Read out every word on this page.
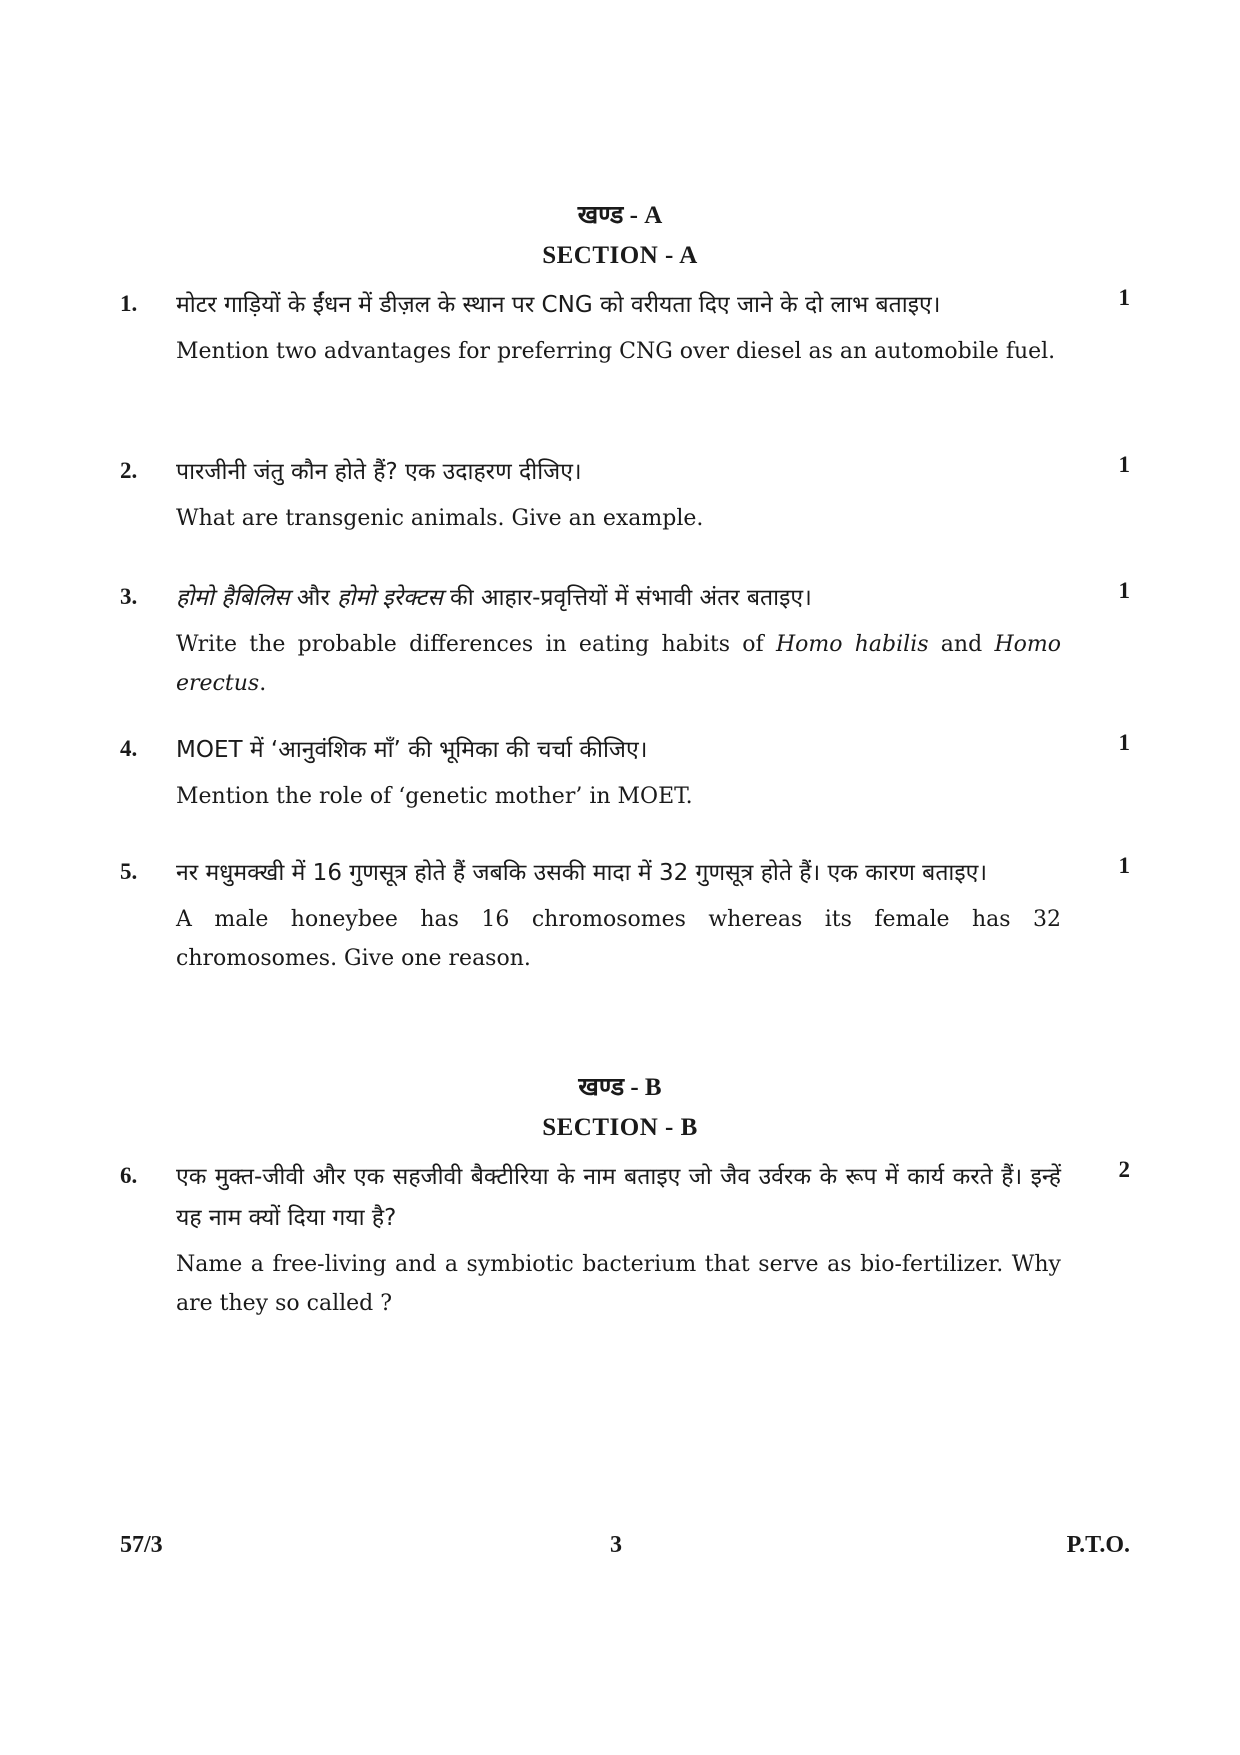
खण्ड - A
SECTION - A
1.	1

मोटर गाड़ियों के ईंधन में डीज़ल के स्थान पर CNG को वरीयता दिए जाने के दो लाभ बताइए।

Mention two advantages for preferring CNG over diesel as an automobile fuel.

2.	1

पारजीनी जंतु कौन होते हैं? एक उदाहरण दीजिए।

What are transgenic animals. Give an example.

3.	1

होमो हैबिलिस और होमो इरेक्टस की आहार-प्रवृत्तियों में संभावी अंतर बताइए।

Write the probable differences in eating habits of Homo habilis and Homo erectus.

4.	1

MOET में ‘आनुवंशिक माँ’ की भूमिका की चर्चा कीजिए।

Mention the role of ‘genetic mother’ in MOET.

5.	1

नर मधुमक्खी में 16 गुणसूत्र होते हैं जबकि उसकी मादा में 32 गुणसूत्र होते हैं। एक कारण बताइए।

A male honeybee has 16 chromosomes whereas its female has 32 chromosomes. Give one reason.

खण्ड - B
SECTION - B
6.	2

एक मुक्त-जीवी और एक सहजीवी बैक्टीरिया के नाम बताइए जो जैव उर्वरक के रूप में कार्य करते हैं। इन्हें यह नाम क्यों दिया गया है?

Name a free-living and a symbiotic bacterium that serve as bio-fertilizer. Why are they so called ?

57/3	3	P.T.O.
